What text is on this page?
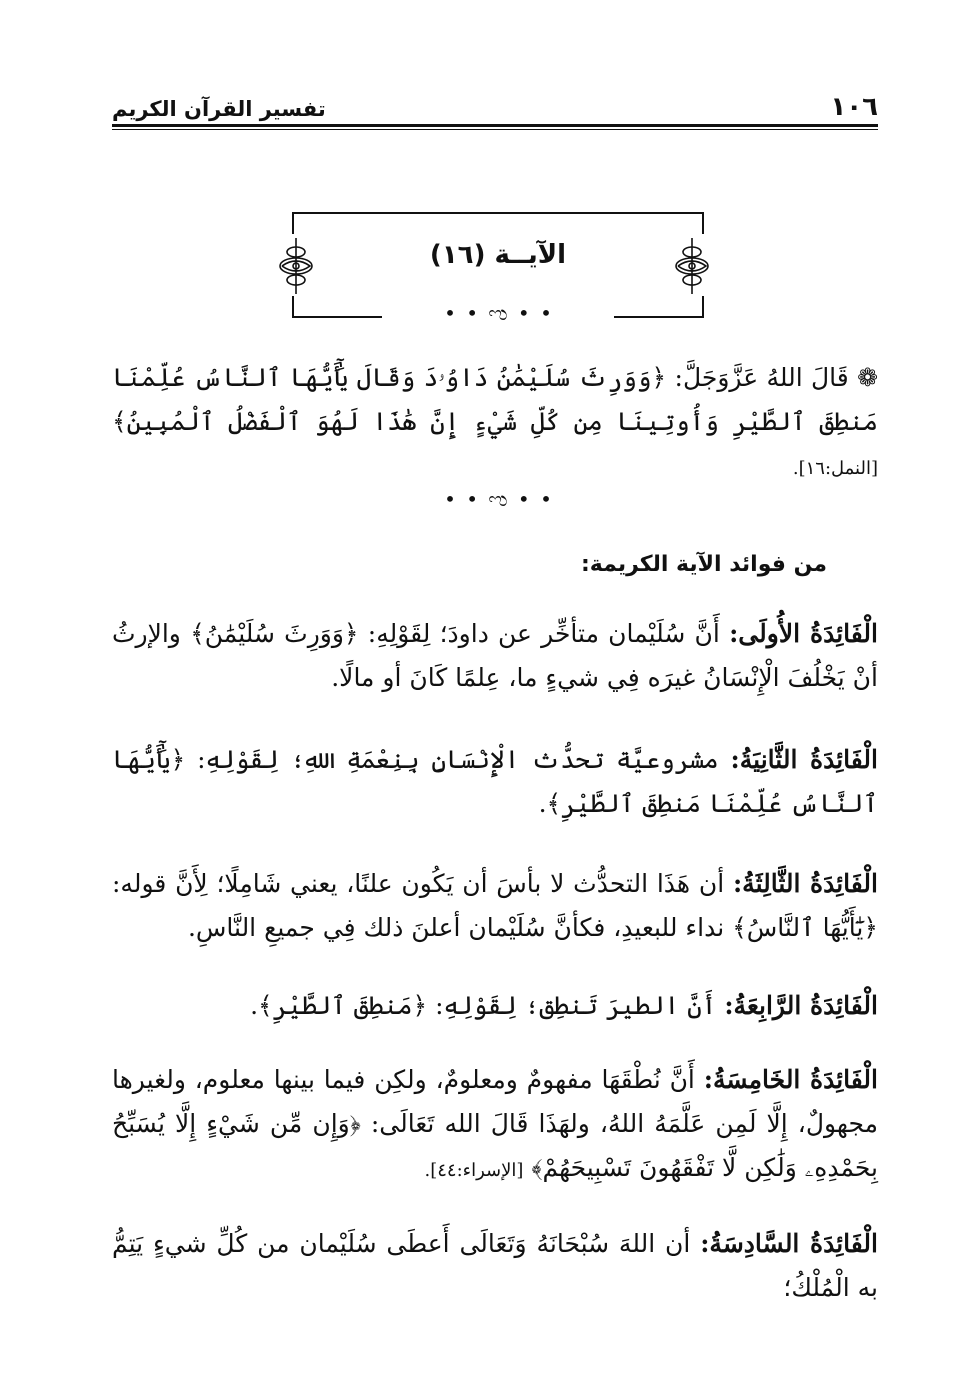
١٠٦
تفسير القرآن الكريم
الآيــة (١٦)
• • ಌ • •

❁ قَالَ اللهُ عَزَّوَجَلَّ: ﴿وَوَرِثَ سُلَيْمَٰنُ دَاوُۥدَ وَقَالَ يَٰٓأَيُّهَا ٱلنَّاسُ عُلِّمْنَا مَنطِقَ ٱلطَّيْرِ وَأُوتِينَا مِن كُلِّ شَيْءٍ إِنَّ هَٰذَا لَهُوَ ٱلْفَضْلُ ٱلْمُبِينُ﴾ [النمل:١٦].

• • ಌ • •
من فوائد الآية الكريمة:

الْفَائِدَةُ الأُولَى: أَنَّ سُلَيْمان متأخِّر عن داودَ؛ لِقَوْلِهِ: ﴿وَوَرِثَ سُلَيْمَٰنُ﴾ والإرثُ أنْ يَخْلُفَ الْإِنْسَانُ غيرَه فِي شيءٍ ما، عِلمًا كَانَ أو مالًا.

الْفَائِدَةُ الثَّانِيَةُ: مشروعيَّة تحدُّث الْإِنْسَانِ بِنِعْمَةِ اللهِ؛ لِقَوْلِهِ: ﴿يَٰٓأَيُّهَا ٱلنَّاسُ عُلِّمْنَا مَنطِقَ ٱلطَّيْرِ﴾.

الْفَائِدَةُ الثَّالِثَةُ: أن هَذَا التحدُّث لا بأسَ أن يَكُون علنًا، يعني شَامِلًا؛ لِأَنَّ قوله: ﴿يَٰٓأَيُّهَا ٱلنَّاسُ﴾ نداء للبعيدِ، فكأنَّ سُلَيْمان أعلنَ ذلك فِي جميعِ النَّاسِ.

الْفَائِدَةُ الرَّابِعَةُ: أَنَّ الطيرَ تَنطِق؛ لِقَوْلِهِ: ﴿مَنطِقَ ٱلطَّيْرِ﴾.

الْفَائِدَةُ الخَامِسَةُ: أَنَّ نُطْقَهَا مفهومٌ ومعلومٌ، ولكِن فيما بينها معلوم، ولغيرها مجهولٌ، إِلَّا لَمِن عَلَّمَهُ اللهُ، ولهَذَا قَالَ الله تَعَالَى: ﴿وَإِن مِّن شَيْءٍ إِلَّا يُسَبِّحُ بِحَمْدِهِۦ وَلَٰكِن لَّا تَفْقَهُونَ تَسْبِيحَهُمْ﴾ [الإسراء:٤٤].

الْفَائِدَةُ السَّادِسَةُ: أن اللهَ سُبْحَانَهُ وَتَعَالَى أَعطَى سُلَيْمان من كُلِّ شيءٍ يَتِمُّ به الْمُلْكُ؛
